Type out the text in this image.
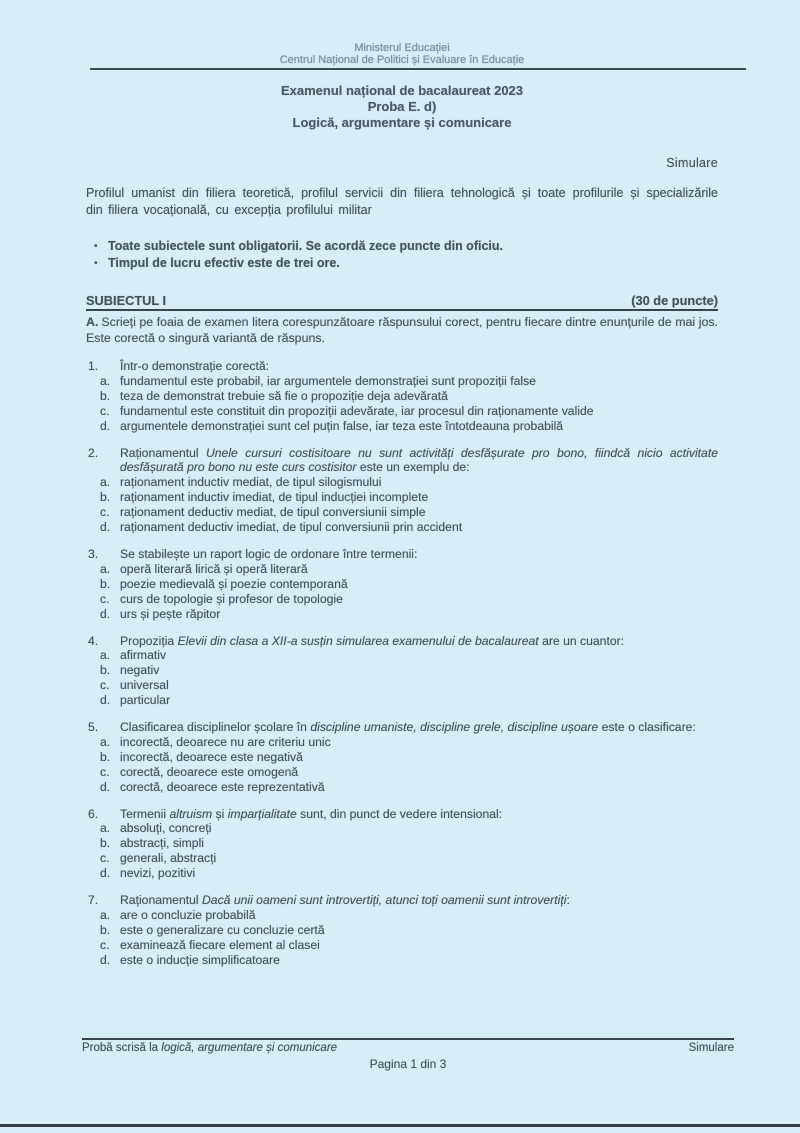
Ministerul Educației
Centrul Național de Politici și Evaluare în Educație
Examenul național de bacalaureat 2023
Proba E. d)
Logică, argumentare și comunicare
Simulare

Profilul umanist din filiera teoretică, profilul servicii din filiera tehnologică și toate profilurile și specializările din filiera vocațională, cu excepția profilului militar

• Toate subiectele sunt obligatorii. Se acordă zece puncte din oficiu.
• Timpul de lucru efectiv este de trei ore.
SUBIECTUL I	(30 de puncte)

A. Scrieți pe foaia de examen litera corespunzătoare răspunsului corect, pentru fiecare dintre enunțurile de mai jos. Este corectă o singură variantă de răspuns.

1.	Într-o demonstrație corectă:
a. fundamentul este probabil, iar argumentele demonstrației sunt propoziții false
b. teza de demonstrat trebuie să fie o propoziție deja adevărată
c. fundamentul este constituit din propoziții adevărate, iar procesul din raționamente valide
d. argumentele demonstrației sunt cel puțin false, iar teza este întotdeauna probabilă
2.	Raționamentul Unele cursuri costisitoare nu sunt activități desfășurate pro bono, fiindcă nicio activitate desfășurată pro bono nu este curs costisitor este un exemplu de:
a. raționament inductiv mediat, de tipul silogismului
b. raționament inductiv imediat, de tipul inducției incomplete
c. raționament deductiv mediat, de tipul conversiunii simple
d. raționament deductiv imediat, de tipul conversiunii prin accident
3.	Se stabilește un raport logic de ordonare între termenii:
a. operă literară lirică și operă literară
b. poezie medievală și poezie contemporană
c. curs de topologie și profesor de topologie
d. urs și pește răpitor
4.	Propoziția Elevii din clasa a XII-a susțin simularea examenului de bacalaureat are un cuantor:
a. afirmativ
b. negativ
c. universal
d. particular
5.	Clasificarea disciplinelor școlare în discipline umaniste, discipline grele, discipline ușoare este o clasificare:
a. incorectă, deoarece nu are criteriu unic
b. incorectă, deoarece este negativă
c. corectă, deoarece este omogenă
d. corectă, deoarece este reprezentativă
6.	Termenii altruism și imparțialitate sunt, din punct de vedere intensional:
a. absoluți, concreți
b. abstracți, simpli
c. generali, abstracți
d. nevizi, pozitivi
7.	Raționamentul Dacă unii oameni sunt introvertiți, atunci toți oamenii sunt introvertiți:
a. are o concluzie probabilă
b. este o generalizare cu concluzie certă
c. examinează fiecare element al clasei
d. este o inducție simplificatoare
Probă scrisă la logică, argumentare și comunicare	Simulare
Pagina 1 din 3
